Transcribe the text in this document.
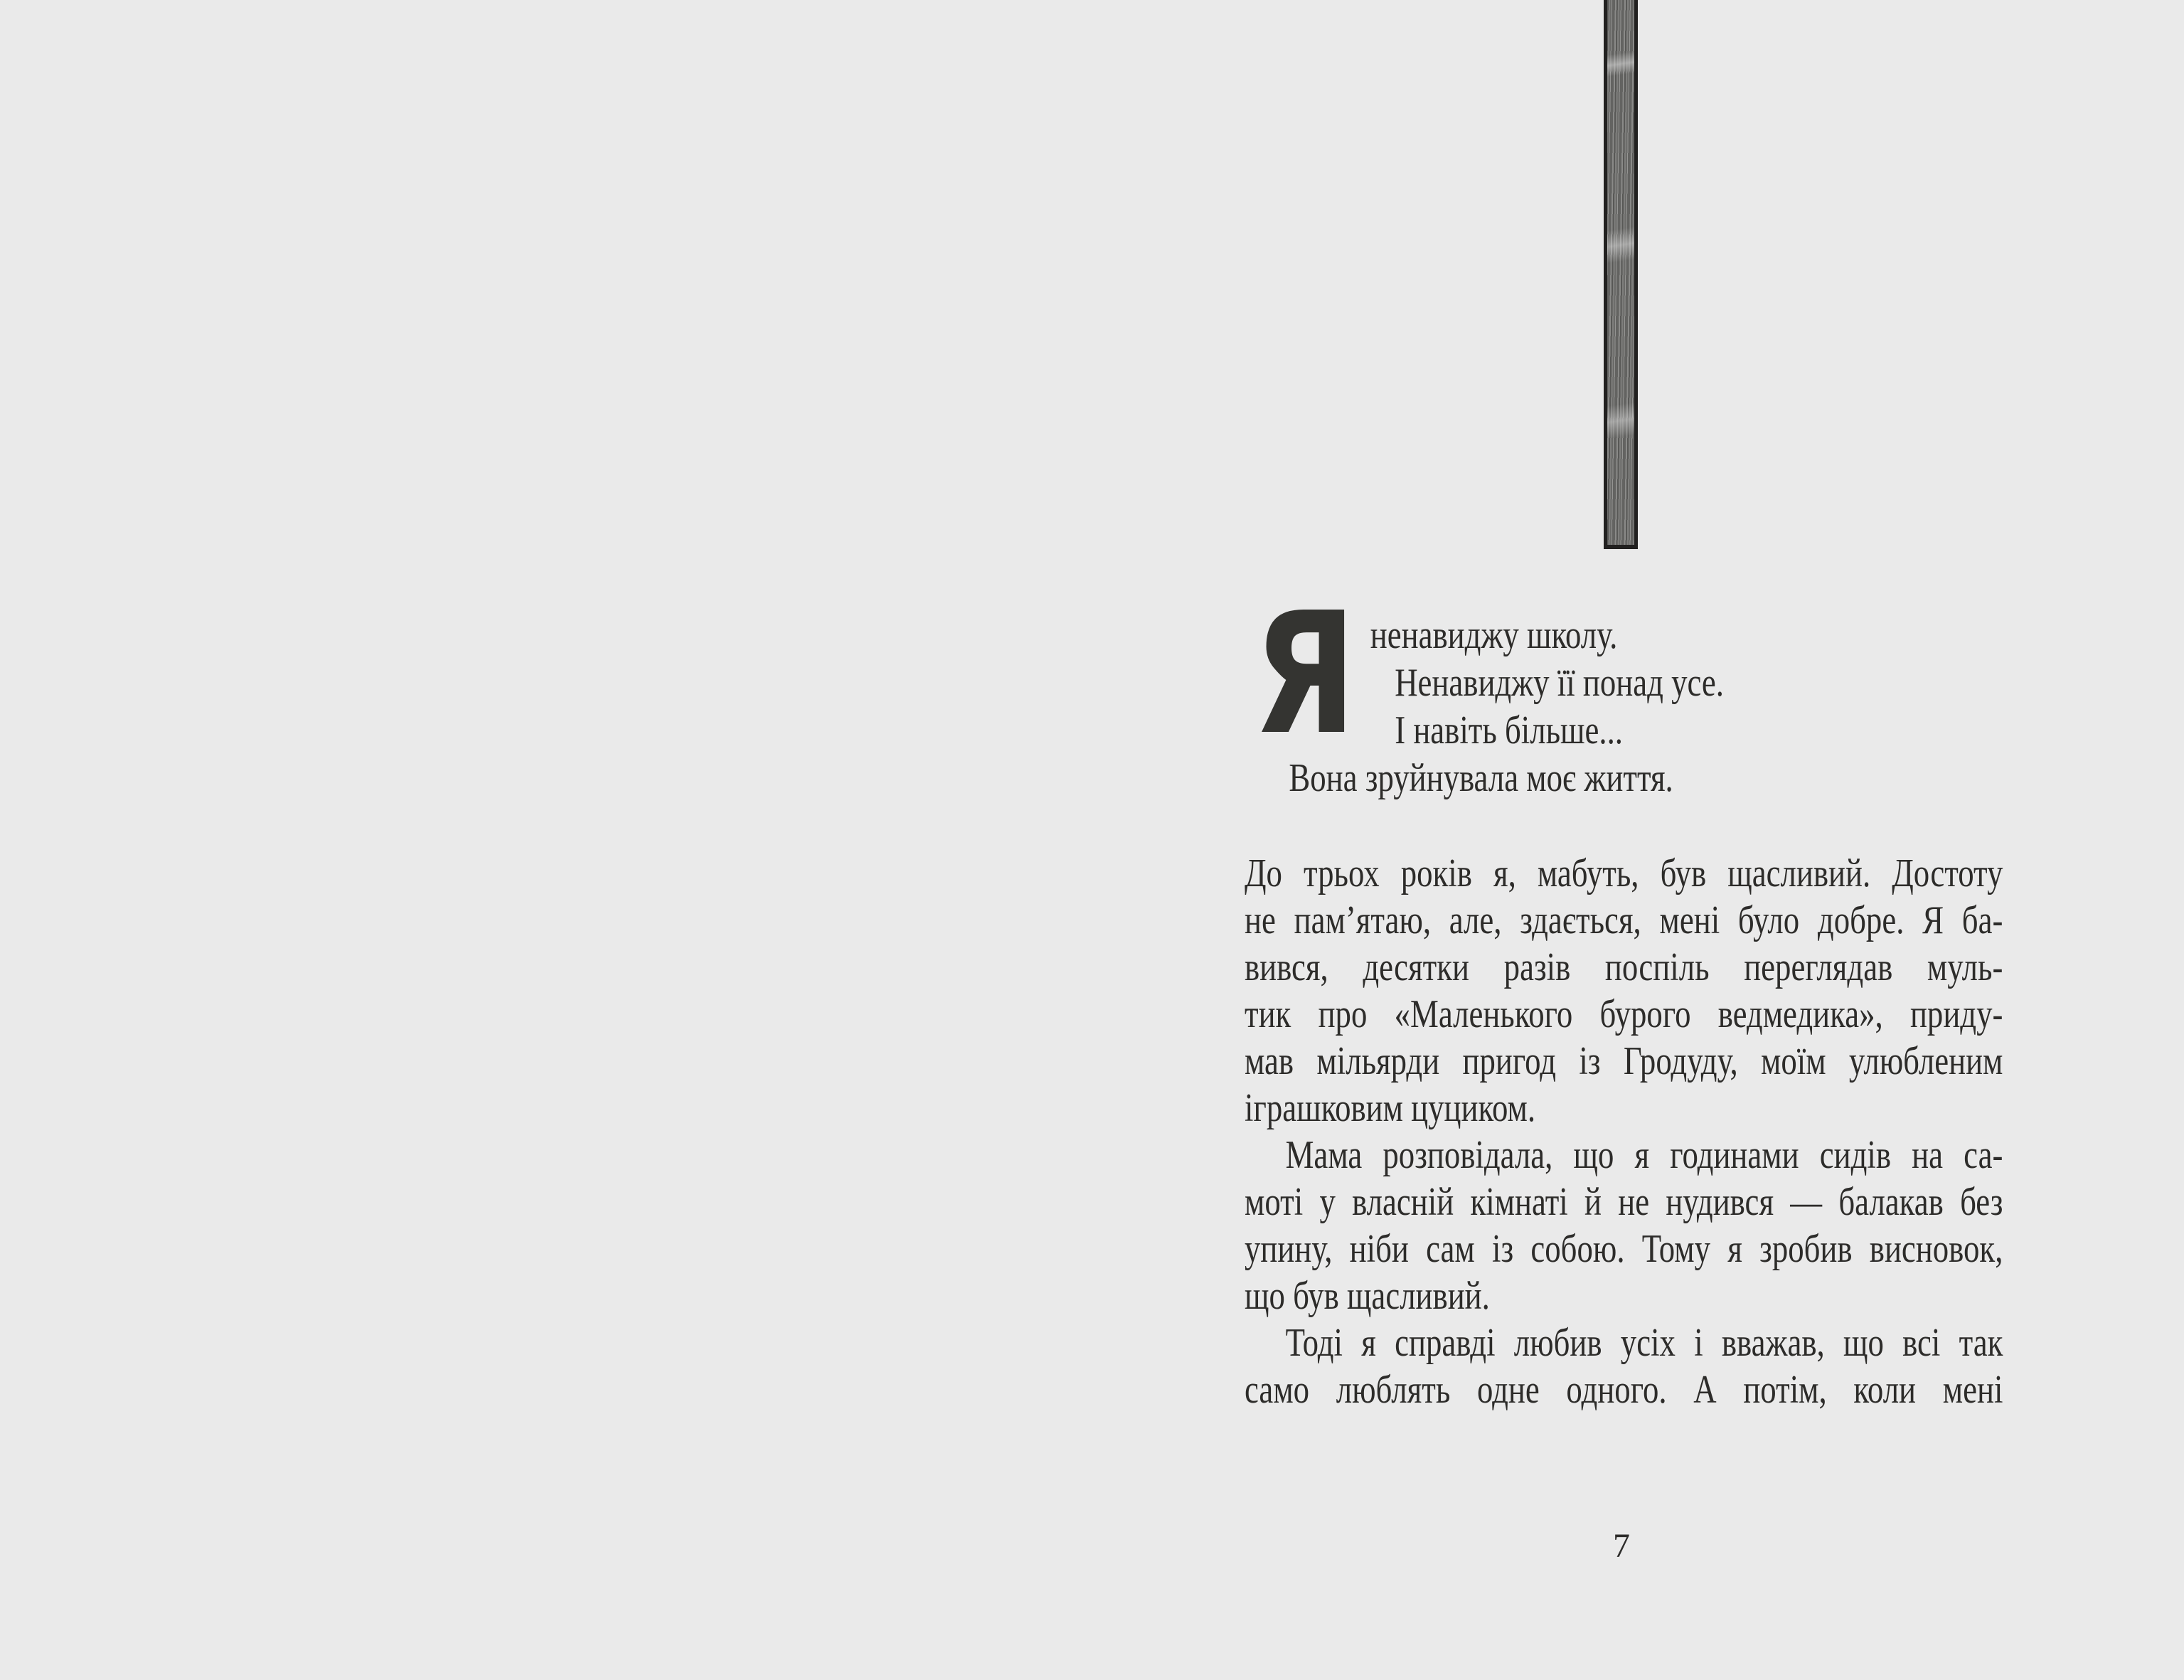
Я ненавиджу школу.
Ненавиджу її понад усе.
І навіть більше...
Вона зруйнувала моє життя.
До трьох років я, мабуть, був щасливий. Достоту
не пам’ятаю, але, здається, мені було добре. Я ба-
вився, десятки разів поспіль переглядав муль-
тик про «Маленького бурого ведмедика», приду-
мав мільярди пригод із Гродуду, моїм улюбленим
іграшковим цуциком.
Мама розповідала, що я годинами сидів на са-
моті у власній кімнаті й не нудився — балакав без
упину, ніби сам із собою. Тому я зробив висновок,
що був щасливий.
Тоді я справді любив усіх і вважав, що всі так
само люблять одне одного. А потім, коли мені
7
